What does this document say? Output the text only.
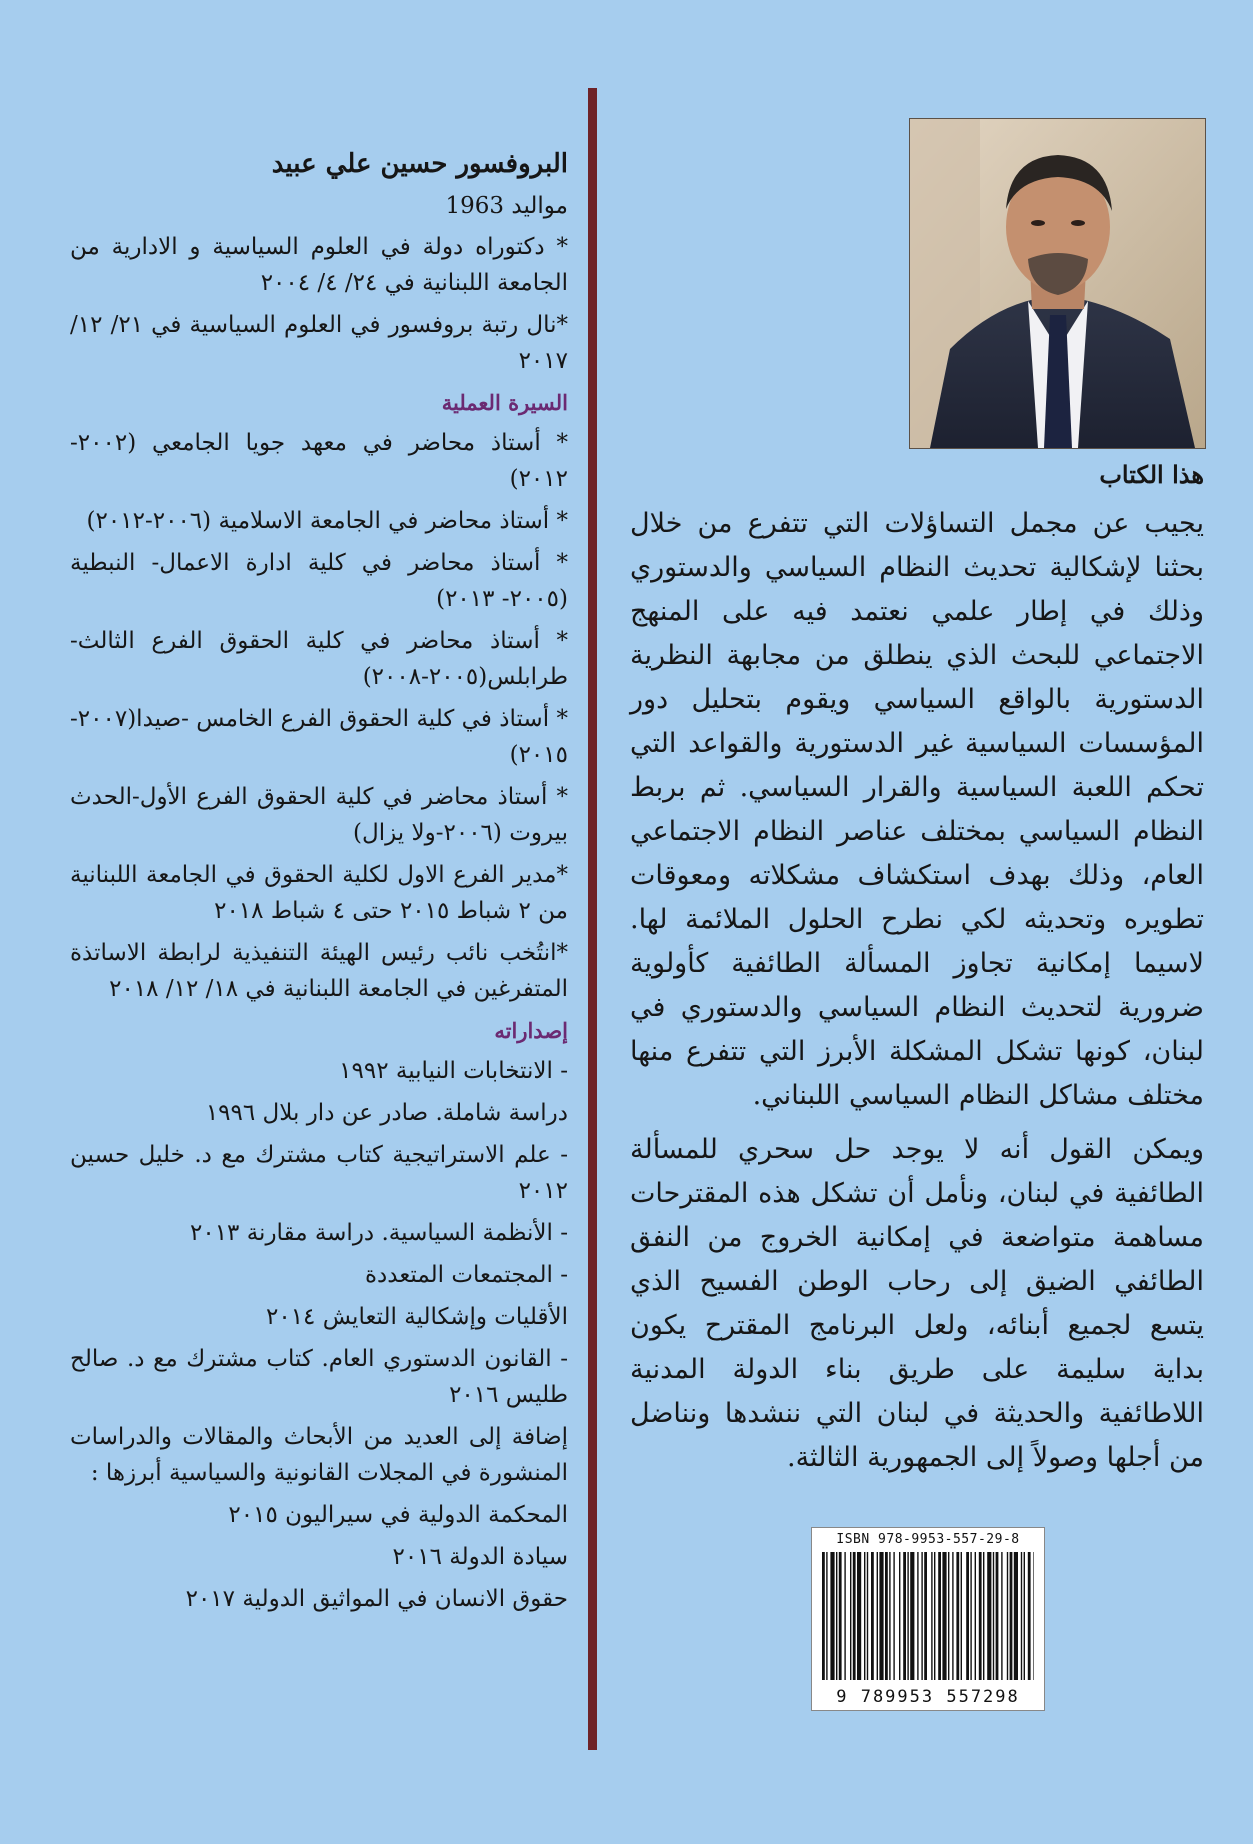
البروفسور حسين علي عبيد
مواليد 1963
* دكتوراه دولة في العلوم السياسية و الادارية من الجامعة اللبنانية في ٢٤/ ٤/ ٢٠٠٤
*نال رتبة بروفسور في العلوم السياسية في ٢١/ ١٢/ ٢٠١٧
السيرة العملية
* أستاذ محاضر في معهد جويا الجامعي (٢٠٠٢- ٢٠١٢)
* أستاذ محاضر في الجامعة الاسلامية (٢٠٠٦-٢٠١٢)
* أستاذ محاضر في كلية ادارة الاعمال- النبطية (٢٠٠٥- ٢٠١٣)
* أستاذ محاضر في كلية الحقوق الفرع الثالث- طرابلس(٢٠٠٥-٢٠٠٨)
* أستاذ في كلية الحقوق الفرع الخامس -صيدا(٢٠٠٧- ٢٠١٥)
* أستاذ محاضر في كلية الحقوق الفرع الأول-الحدث بيروت (٢٠٠٦-ولا يزال)
*مدير الفرع الاول لكلية الحقوق في الجامعة اللبنانية من ٢ شباط ٢٠١٥ حتى ٤ شباط ٢٠١٨
*انتُخب نائب رئيس الهيئة التنفيذية لرابطة الاساتذة المتفرغين في الجامعة اللبنانية في ١٨/ ١٢/ ٢٠١٨
إصداراته
- الانتخابات النيابية ١٩٩٢
دراسة شاملة. صادر عن دار بلال ١٩٩٦
- علم الاستراتيجية كتاب مشترك مع د. خليل حسين ٢٠١٢
- الأنظمة السياسية. دراسة مقارنة ٢٠١٣
- المجتمعات المتعددة
الأقليات وإشكالية التعايش ٢٠١٤
- القانون الدستوري العام. كتاب مشترك مع د. صالح طليس ٢٠١٦
إضافة إلى العديد من الأبحاث والمقالات والدراسات المنشورة في المجلات القانونية والسياسية أبرزها :
المحكمة الدولية في سيراليون ٢٠١٥
سيادة الدولة ٢٠١٦
حقوق الانسان في المواثيق الدولية ٢٠١٧
هذا الكتاب

يجيب عن مجمل التساؤلات التي تتفرع من خلال بحثنا لإشكالية تحديث النظام السياسي والدستوري وذلك في إطار علمي نعتمد فيه على المنهج الاجتماعي للبحث الذي ينطلق من مجابهة النظرية الدستورية بالواقع السياسي ويقوم بتحليل دور المؤسسات السياسية غير الدستورية والقواعد التي تحكم اللعبة السياسية والقرار السياسي. ثم بربط النظام السياسي بمختلف عناصر النظام الاجتماعي العام، وذلك بهدف استكشاف مشكلاته ومعوقات تطويره وتحديثه لكي نطرح الحلول الملائمة لها. لاسيما إمكانية تجاوز المسألة الطائفية كأولوية ضرورية لتحديث النظام السياسي والدستوري في لبنان، كونها تشكل المشكلة الأبرز التي تتفرع منها مختلف مشاكل النظام السياسي اللبناني.

ويمكن القول أنه لا يوجد حل سحري للمسألة الطائفية في لبنان، ونأمل أن تشكل هذه المقترحات مساهمة متواضعة في إمكانية الخروج من النفق الطائفي الضيق إلى رحاب الوطن الفسيح الذي يتسع لجميع أبنائه، ولعل البرنامج المقترح يكون بداية سليمة على طريق بناء الدولة المدنية اللاطائفية والحديثة في لبنان التي ننشدها ونناضل من أجلها وصولاً إلى الجمهورية الثالثة.

ISBN 978-9953-557-29-8
9 789953 557298
